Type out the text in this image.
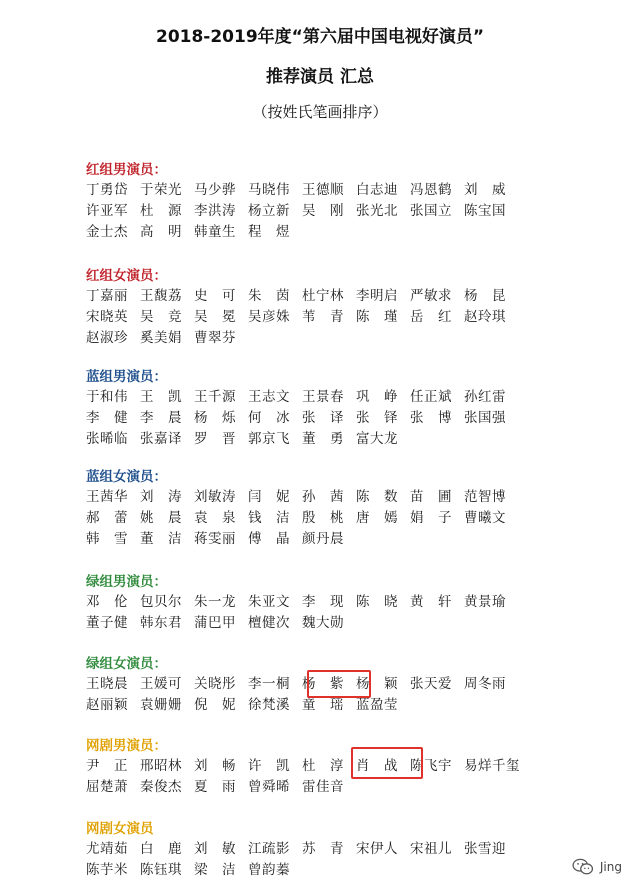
2018-2019年度“第六届中国电视好演员”
推荐演员 汇总
（按姓氏笔画排序）
红组男演员：
丁勇岱 于荣光 马少骅 马晓伟 王德顺 白志迪 冯恩鹤 刘　威
许亚军 杜　源 李洪涛 杨立新 吴　刚 张光北 张国立 陈宝国
金士杰 高　明 韩童生 程　煜
红组女演员：
丁嘉丽 王馥荔 史　可 朱　茵 杜宁林 李明启 严敏求 杨　昆
宋晓英 吴　竞 吴　冕 吴彦姝 苇　青 陈　瑾 岳　红 赵玲琪
赵淑珍 奚美娟 曹翠芬
蓝组男演员：
于和伟 王　凯 王千源 王志文 王景春 巩　峥 任正斌 孙红雷
李　健 李　晨 杨　烁 何　冰 张　译 张　铎 张　博 张国强
张晞临 张嘉译 罗　晋 郭京飞 董　勇 富大龙
蓝组女演员：
王茜华 刘　涛 刘敏涛 闫　妮 孙　茜 陈　数 苗　圃 范智博
郝　蕾 姚　晨 袁　泉 钱　洁 殷　桃 唐　嫣 娟　子 曹曦文
韩　雪 董　洁 蒋雯丽 傅　晶 颜丹晨
绿组男演员：
邓　伦 包贝尔 朱一龙 朱亚文 李　现 陈　晓 黄　轩 黄景瑜
董子健 韩东君 蒲巴甲 檀健次 魏大勋
绿组女演员：
王晓晨 王媛可 关晓彤 李一桐 杨　紫 杨　颖 张天爱 周冬雨
赵丽颖 袁姗姗 倪　妮 徐梵溪 童　瑶 蓝盈莹
网剧男演员：
尹　正 邢昭林 刘　畅 许　凯 杜　淳 肖　战 陈飞宇 易烊千玺
屈楚萧 秦俊杰 夏　雨 曾舜晞 雷佳音
网剧女演员
尤靖茹 白　鹿 刘　敏 江疏影 苏　青 宋伊人 宋祖儿 张雪迎
陈芋米 陈钰琪 梁　洁 曾韵蓁	Jing
